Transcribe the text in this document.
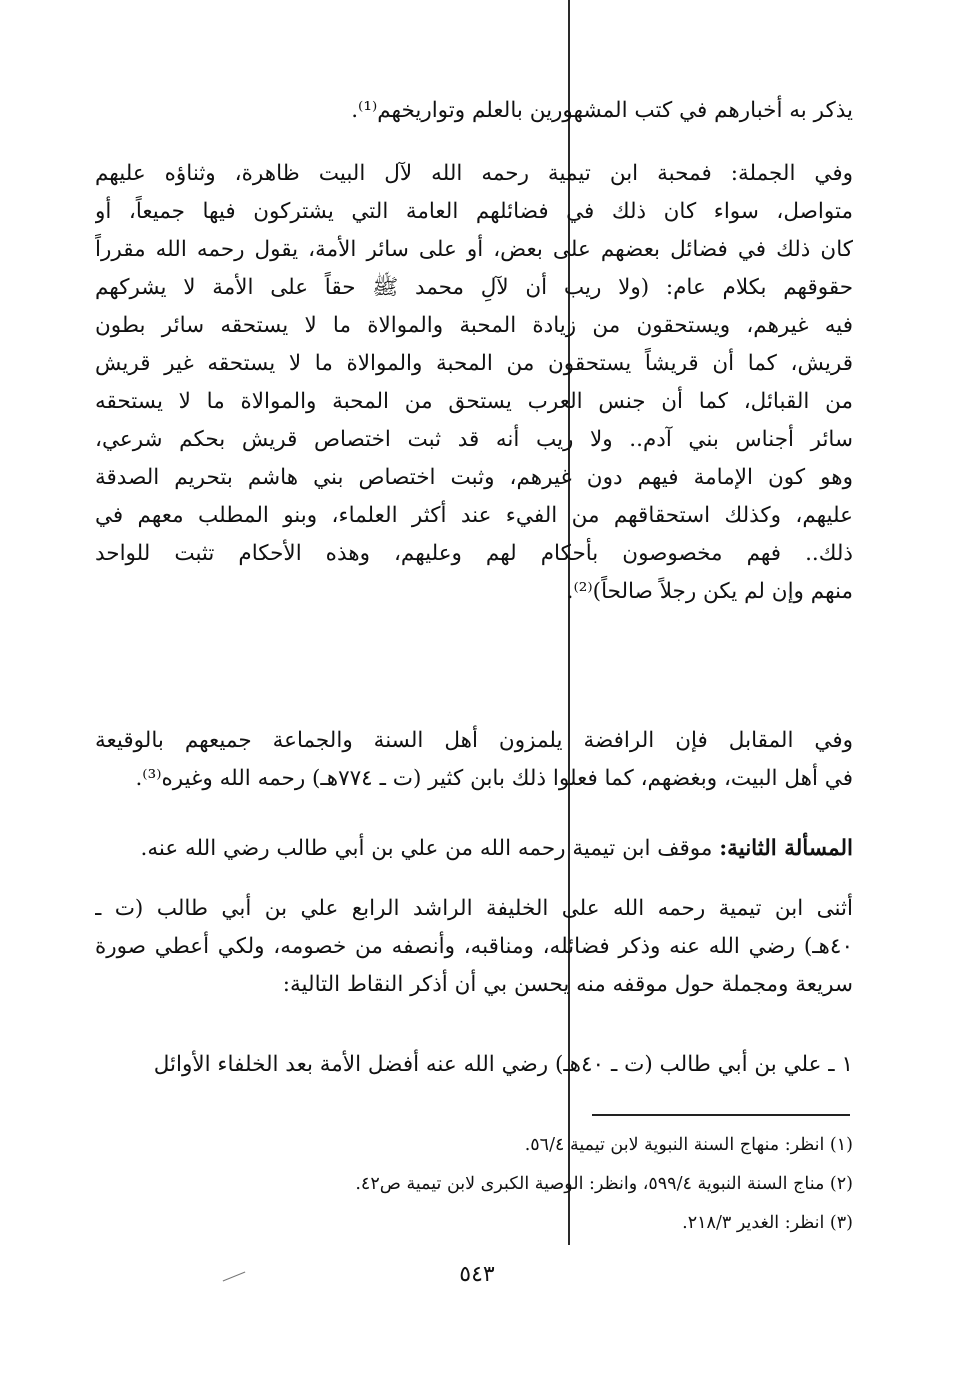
يذكر به أخبارهم في كتب المشهورين بالعلم وتواريخهم⁽¹⁾.
وفي الجملة: فمحبة ابن تيمية رحمه الله لآل البيت ظاهرة، وثناؤه عليهم
متواصل، سواء كان ذلك في فضائلهم العامة التي يشتركون فيها جميعاً، أو
كان ذلك في فضائل بعضهم على بعض، أو على سائر الأمة، يقول رحمه الله مقرراً
حقوقهم بكلام عام: (ولا ريب أن لآلِ محمد ﷺ حقاً على الأمة لا يشركهم
فيه غيرهم، ويستحقون من زيادة المحبة والموالاة ما لا يستحقه سائر بطون
قريش، كما أن قريشاً يستحقون من المحبة والموالاة ما لا يستحقه غير قريش
من القبائل، كما أن جنس العرب يستحق من المحبة والموالاة ما لا يستحقه
سائر أجناس بني آدم.. ولا ريب أنه قد ثبت اختصاص قريش بحكم شرعي،
وهو كون الإمامة فيهم دون غيرهم، وثبت اختصاص بني هاشم بتحريم الصدقة
عليهم، وكذلك استحقاقهم من الفيء عند أكثر العلماء، وبنو المطلب معهم في
ذلك.. فهم مخصوصون بأحكام لهم وعليهم، وهذه الأحكام تثبت للواحد
منهم وإن لم يكن رجلاً صالحاً)⁽²⁾.
وفي المقابل فإن الرافضة يلمزون أهل السنة والجماعة جميعهم بالوقيعة
في أهل البيت، وبغضهم، كما فعلوا ذلك بابن كثير (ت ـ ٧٧٤هـ) رحمه الله وغيره⁽³⁾.
المسألة الثانية: موقف ابن تيمية رحمه الله من علي بن أبي طالب رضي الله عنه.
أثنى ابن تيمية رحمه الله على الخليفة الراشد الرابع علي بن أبي طالب (ت ـ
٤٠هـ) رضي الله عنه وذكر فضائله، ومناقبه، وأنصفه من خصومه، ولكي أعطي صورة
سريعة ومجملة حول موقفه منه يحسن بي أن أذكر النقاط التالية:
١ ـ علي بن أبي طالب (ت ـ ٤٠هـ) رضي الله عنه أفضل الأمة بعد الخلفاء الأوائل
(١) انظر: منهاج السنة النبوية لابن تيمية ٥٦/٤.
(٢) مناج السنة النبوية ٥٩٩/٤، وانظر: الوصية الكبرى لابن تيمية ص٤٢.
(٣) انظر: الغدير ٢١٨/٣.
٥٤٣
